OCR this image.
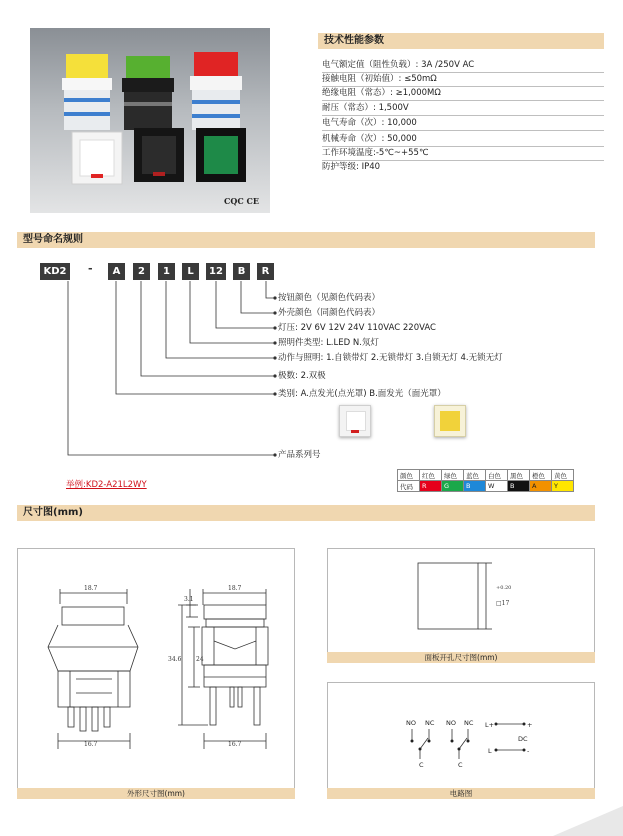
CQC CE
技术性能参数
电气额定值（阻性负载）: 3A /250V AC
接触电阻（初始值）: ≤50mΩ
绝缘电阻（常态）: ≥1,000MΩ
耐压（常态）: 1,500V
电气寿命（次）: 10,000
机械寿命（次）: 50,000
工作环境温度:-5℃~+55℃
防护等级: IP40
型号命名规则
KD2	-	A	2	1	L	12	B	R
按钮颜色（见颜色代码表）
外壳颜色（同颜色代码表）
灯压: 2V 6V 12V 24V 110VAC 220VAC
照明件类型: L.LED N.氖灯
动作与照明: 1.自锁带灯 2.无锁带灯 3.自锁无灯 4.无锁无灯
极数: 2.双极
类别: A.点发光(点光罩) B.面发光（面光罩）
产品系列号
举例:KD2-A21L2WY
颜色	红色	绿色	蓝色	白色	黑色	橙色	黄色
代码	R	G	B	W	B	A	Y
尺寸图(mm)
18.7
16.7
18.7
3.1
34.6 24
16.7
外形尺寸图(mm)
□17
+0.20
面板开孔尺寸图(mm)
NO NC
C
NO NC
C
L+	+
DC
L	-
电路图
